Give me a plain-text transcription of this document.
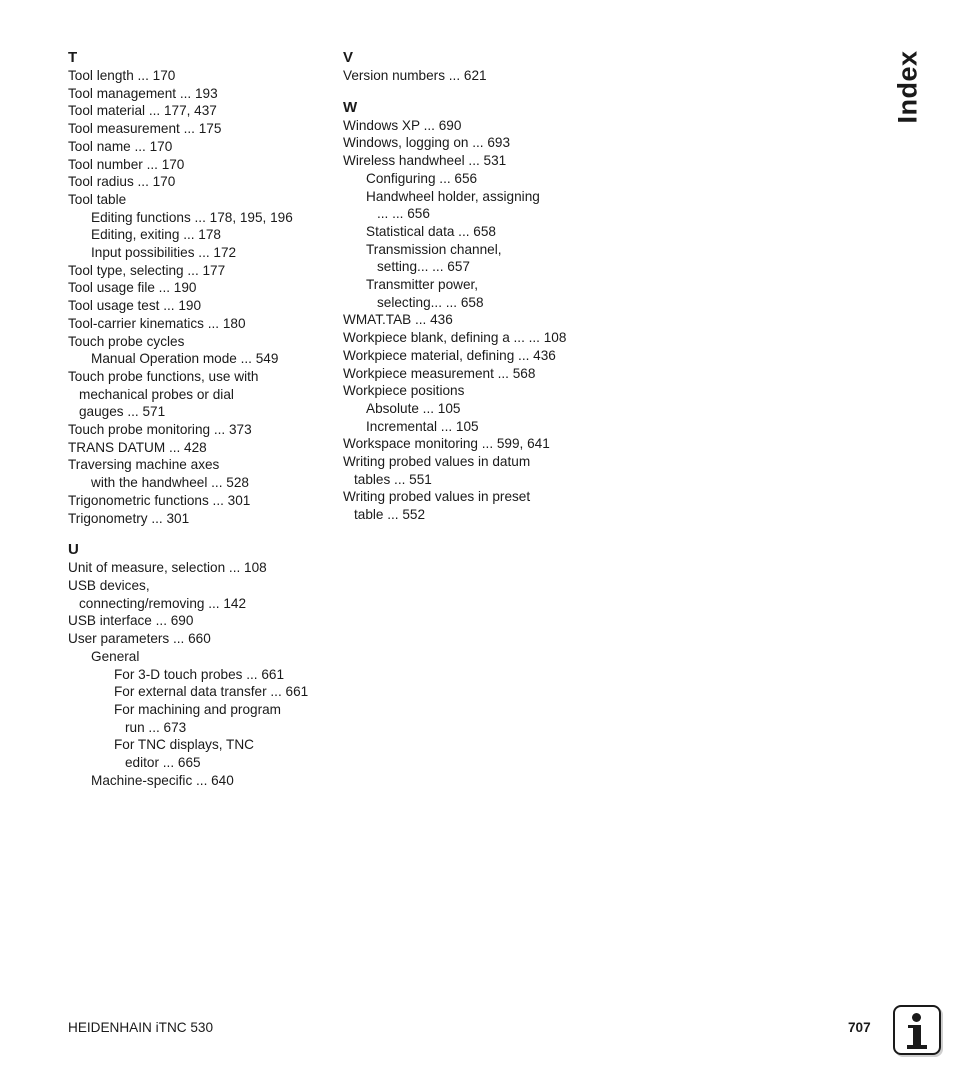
T
Tool length ... 170
Tool management ... 193
Tool material ... 177, 437
Tool measurement ... 175
Tool name ... 170
Tool number ... 170
Tool radius ... 170
Tool table
Editing functions ... 178, 195, 196
Editing, exiting ... 178
Input possibilities ... 172
Tool type, selecting ... 177
Tool usage file ... 190
Tool usage test ... 190
Tool-carrier kinematics ... 180
Touch probe cycles
Manual Operation mode ... 549
Touch probe functions, use with
mechanical probes or dial
gauges ... 571
Touch probe monitoring ... 373
TRANS DATUM ... 428
Traversing machine axes
with the handwheel ... 528
Trigonometric functions ... 301
Trigonometry ... 301
U
Unit of measure, selection ... 108
USB devices,
connecting/removing ... 142
USB interface ... 690
User parameters ... 660
General
For 3-D touch probes ... 661
For external data transfer ... 661
For machining and program
run ... 673
For TNC displays, TNC
editor ... 665
Machine-specific ... 640
V
Version numbers ... 621
W
Windows XP ... 690
Windows, logging on ... 693
Wireless handwheel ... 531
Configuring ... 656
Handwheel holder, assigning
... ... 656
Statistical data ... 658
Transmission channel,
setting... ... 657
Transmitter power,
selecting... ... 658
WMAT.TAB ... 436
Workpiece blank, defining a ... ... 108
Workpiece material, defining ... 436
Workpiece measurement ... 568
Workpiece positions
Absolute ... 105
Incremental ... 105
Workspace monitoring ... 599, 641
Writing probed values in datum
tables ... 551
Writing probed values in preset
table ... 552
Index
HEIDENHAIN iTNC 530	707
